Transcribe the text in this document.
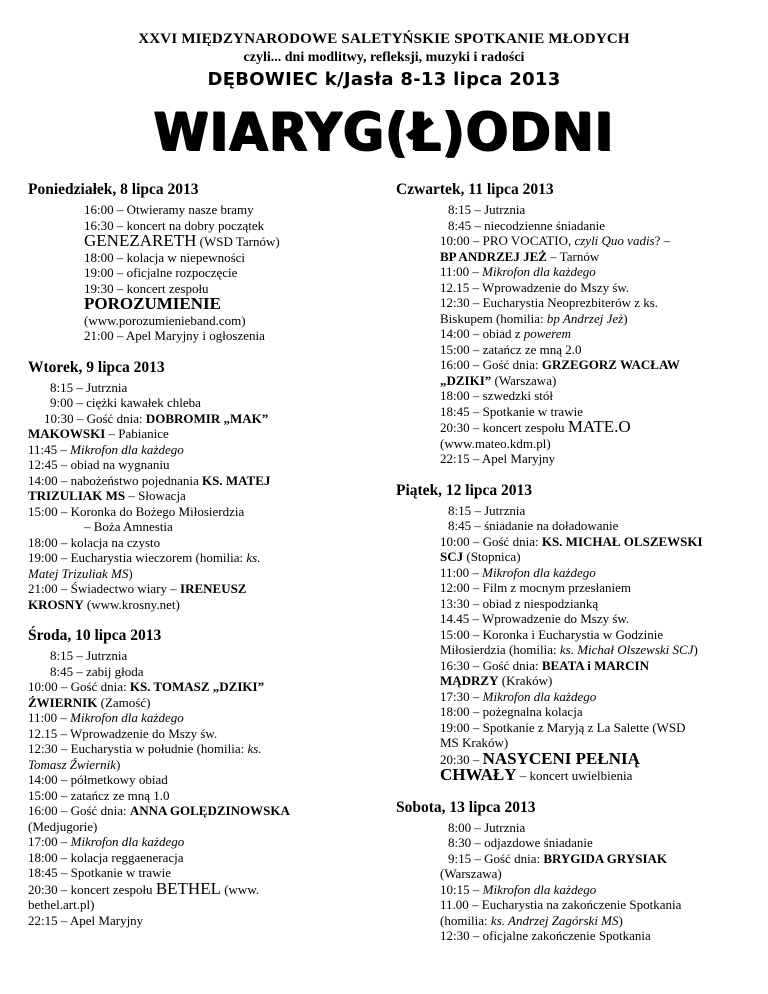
XXVI MIĘDZYNARODOWE SALETYŃSKIE SPOTKANIE MŁODYCH
czyli... dni modlitwy, refleksji, muzyki i radości
DĘBOWIEC k/Jasła 8-13 lipca 2013
WIARYG(Ł)ODNI
Poniedziałek, 8 lipca 2013
16:00 – Otwieramy nasze bramy
16:30 – koncert na dobry początek
GENEZARETH (WSD Tarnów)
18:00 – kolacja w niepewności
19:00 – oficjalne rozpoczęcie
19:30 – koncert zespołu
POROZUMIENIE
(www.porozumienieband.com)
21:00 – Apel Maryjny i ogłoszenia
Wtorek, 9 lipca 2013
8:15 – Jutrznia
9:00 – ciężki kawałek chleba
10:30 – Gość dnia: DOBROMIR „MAK”
MAKOWSKI – Pabianice
11:45 – Mikrofon dla każdego
12:45 – obiad na wygnaniu
14:00 – nabożeństwo pojednania KS. MATEJ
TRIZULIAK MS – Słowacja
15:00 – Koronka do Bożego Miłosierdzia
– Boża Amnestia
18:00 – kolacja na czysto
19:00 – Eucharystia wieczorem (homilia: ks.
Matej Trizuliak MS)
21:00 – Świadectwo wiary – IRENEUSZ
KROSNY (www.krosny.net)
Środa, 10 lipca 2013
8:15 – Jutrznia
8:45 – zabij głoda
10:00 – Gość dnia: KS. TOMASZ „DZIKI”
ŹWIERNIK (Zamość)
11:00 – Mikrofon dla każdego
12.15 – Wprowadzenie do Mszy św.
12:30 – Eucharystia w południe (homilia: ks.
Tomasz Źwiernik)
14:00 – półmetkowy obiad
15:00 – zatańcz ze mną 1.0
16:00 – Gość dnia: ANNA GOLĘDZINOWSKA
(Medjugorie)
17:00 – Mikrofon dla każdego
18:00 – kolacja reggaeneracja
18:45 – Spotkanie w trawie
20:30 – koncert zespołu BETHEL (www.
bethel.art.pl)
22:15 – Apel Maryjny
Czwartek, 11 lipca 2013
8:15 – Jutrznia
8:45 – niecodzienne śniadanie
10:00 – PRO VOCATIO, czyli Quo vadis? –
BP ANDRZEJ JEŻ – Tarnów
11:00 – Mikrofon dla każdego
12.15 – Wprowadzenie do Mszy św.
12:30 – Eucharystia Neoprezbiterów z ks.
Biskupem (homilia: bp Andrzej Jeż)
14:00 – obiad z powerem
15:00 – zatańcz ze mną 2.0
16:00 – Gość dnia: GRZEGORZ WACŁAW
„DZIKI” (Warszawa)
18:00 – szwedzki stół
18:45 – Spotkanie w trawie
20:30 – koncert zespołu MATE.O
(www.mateo.kdm.pl)
22:15 – Apel Maryjny
Piątek, 12 lipca 2013
8:15 – Jutrznia
8:45 – śniadanie na doładowanie
10:00 – Gość dnia: KS. MICHAŁ OLSZEWSKI
SCJ (Stopnica)
11:00 – Mikrofon dla każdego
12:00 – Film z mocnym przesłaniem
13:30 – obiad z niespodzianką
14.45 – Wprowadzenie do Mszy św.
15:00 – Koronka i Eucharystia w Godzinie
Miłosierdzia (homilia: ks. Michał Olszewski SCJ)
16:30 – Gość dnia: BEATA i MARCIN
MĄDRZY (Kraków)
17:30 – Mikrofon dla każdego
18:00 – pożegnalna kolacja
19:00 – Spotkanie z Maryją z La Salette (WSD
MS Kraków)
20:30 – NASYCENI PEŁNIĄ
CHWAŁY – koncert uwielbienia
Sobota, 13 lipca 2013
8:00 – Jutrznia
8:30 – odjazdowe śniadanie
9:15 – Gość dnia: BRYGIDA GRYSIAK
(Warszawa)
10:15 – Mikrofon dla każdego
11.00 – Eucharystia na zakończenie Spotkania
(homilia: ks. Andrzej Zagórski MS)
12:30 – oficjalne zakończenie Spotkania
